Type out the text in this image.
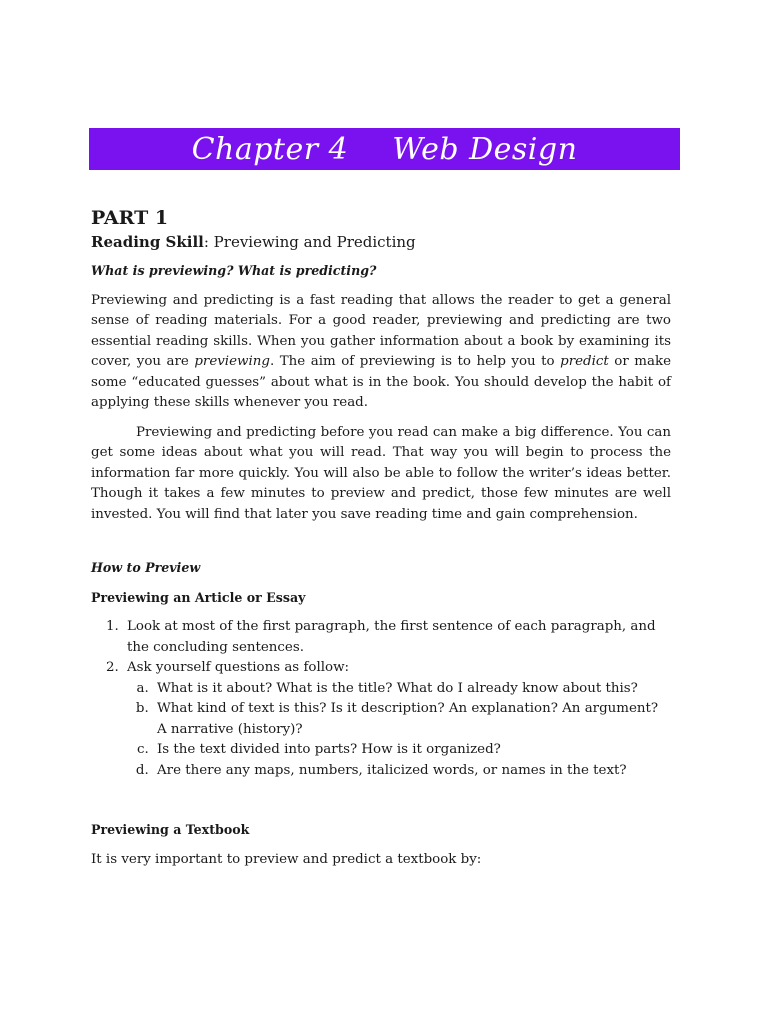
Chapter 4 Web Design
PART 1
Reading Skill: Previewing and Predicting

What is previewing? What is predicting?

Previewing and predicting is a fast reading that allows the reader to get a general sense of reading materials. For a good reader, previewing and predicting are two essential reading skills. When you gather information about a book by examining its cover, you are previewing. The aim of previewing is to help you to predict or make some “educated guesses” about what is in the book. You should develop the habit of applying these skills whenever you read.

Previewing and predicting before you read can make a big difference. You can get some ideas about what you will read. That way you will begin to process the information far more quickly. You will also be able to follow the writer’s ideas better. Though it takes a few minutes to preview and predict, those few minutes are well invested. You will find that later you save reading time and gain comprehension.

How to Preview

Previewing an Article or Essay

1. Look at most of the first paragraph, the first sentence of each paragraph, and the concluding sentences.
2. Ask yourself questions as follow:
a. What is it about? What is the title? What do I already know about this?
b. What kind of text is this? Is it description? An explanation? An argument? A narrative (history)?
c. Is the text divided into parts? How is it organized?
d. Are there any maps, numbers, italicized words, or names in the text?

Previewing a Textbook

It is very important to preview and predict a textbook by:
